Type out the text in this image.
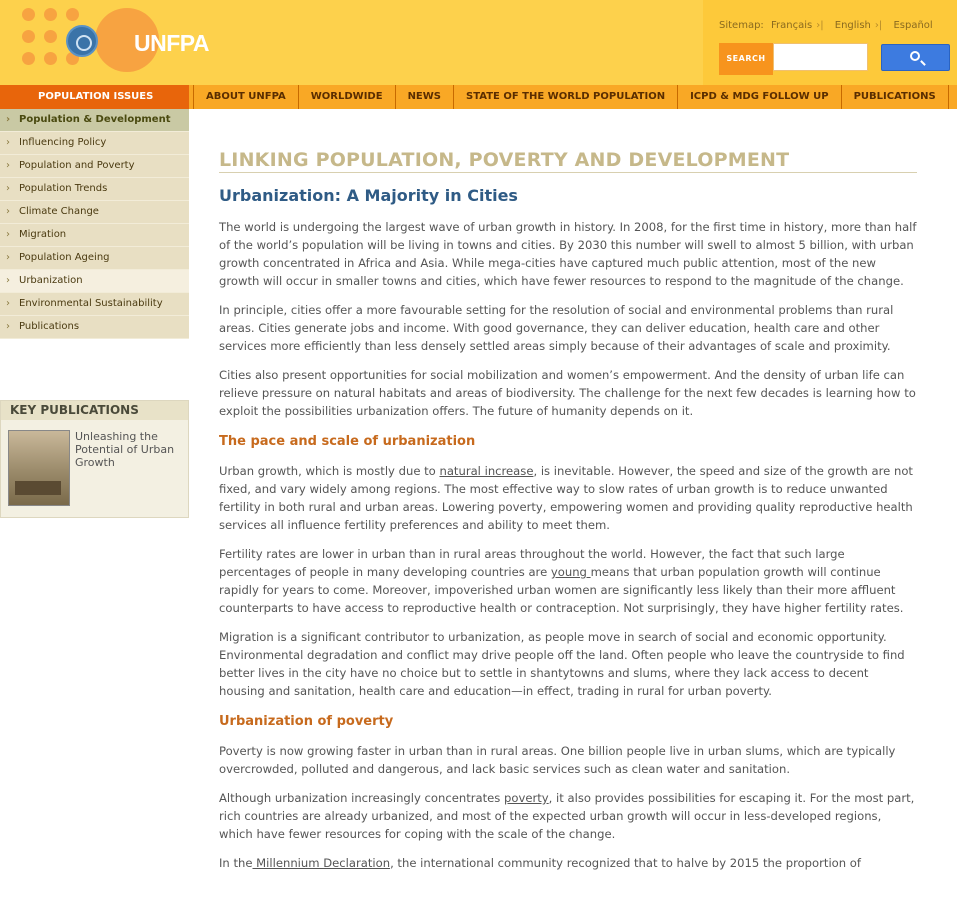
UNFPA
Sitemap: Français ›| English ›| Español
SEARCH
POPULATION ISSUES	ABOUT UNFPA	WORLDWIDE	NEWS	STATE OF THE WORLD POPULATION	ICPD & MDG FOLLOW UP	PUBLICATIONS
› Population & Development
› Influencing Policy
› Population and Poverty
› Population Trends
› Climate Change
› Migration
› Population Ageing
› Urbanization
› Environmental Sustainability
› Publications
KEY PUBLICATIONS
Unleashing the Potential of Urban Growth
LINKING POPULATION, POVERTY AND DEVELOPMENT
Urbanization: A Majority in Cities

The world is undergoing the largest wave of urban growth in history. In 2008, for the first time in history, more than half of the world’s population will be living in towns and cities. By 2030 this number will swell to almost 5 billion, with urban growth concentrated in Africa and Asia. While mega-cities have captured much public attention, most of the new growth will occur in smaller towns and cities, which have fewer resources to respond to the magnitude of the change.

In principle, cities offer a more favourable setting for the resolution of social and environmental problems than rural areas. Cities generate jobs and income. With good governance, they can deliver education, health care and other services more efficiently than less densely settled areas simply because of their advantages of scale and proximity.

Cities also present opportunities for social mobilization and women’s empowerment. And the density of urban life can relieve pressure on natural habitats and areas of biodiversity. The challenge for the next few decades is learning how to exploit the possibilities urbanization offers. The future of humanity depends on it.

The pace and scale of urbanization

Urban growth, which is mostly due to natural increase, is inevitable. However, the speed and size of the growth are not fixed, and vary widely among regions. The most effective way to slow rates of urban growth is to reduce unwanted fertility in both rural and urban areas. Lowering poverty, empowering women and providing quality reproductive health services all influence fertility preferences and ability to meet them.

Fertility rates are lower in urban than in rural areas throughout the world. However, the fact that such large percentages of people in many developing countries are young means that urban population growth will continue rapidly for years to come. Moreover, impoverished urban women are significantly less likely than their more affluent counterparts to have access to reproductive health or contraception. Not surprisingly, they have higher fertility rates.

Migration is a significant contributor to urbanization, as people move in search of social and economic opportunity. Environmental degradation and conflict may drive people off the land. Often people who leave the countryside to find better lives in the city have no choice but to settle in shantytowns and slums, where they lack access to decent housing and sanitation, health care and education—in effect, trading in rural for urban poverty.

Urbanization of poverty

Poverty is now growing faster in urban than in rural areas. One billion people live in urban slums, which are typically overcrowded, polluted and dangerous, and lack basic services such as clean water and sanitation.

Although urbanization increasingly concentrates poverty, it also provides possibilities for escaping it. For the most part, rich countries are already urbanized, and most of the expected urban growth will occur in less-developed regions, which have fewer resources for coping with the scale of the change.

In the Millennium Declaration, the international community recognized that to halve by 2015 the proportion of
